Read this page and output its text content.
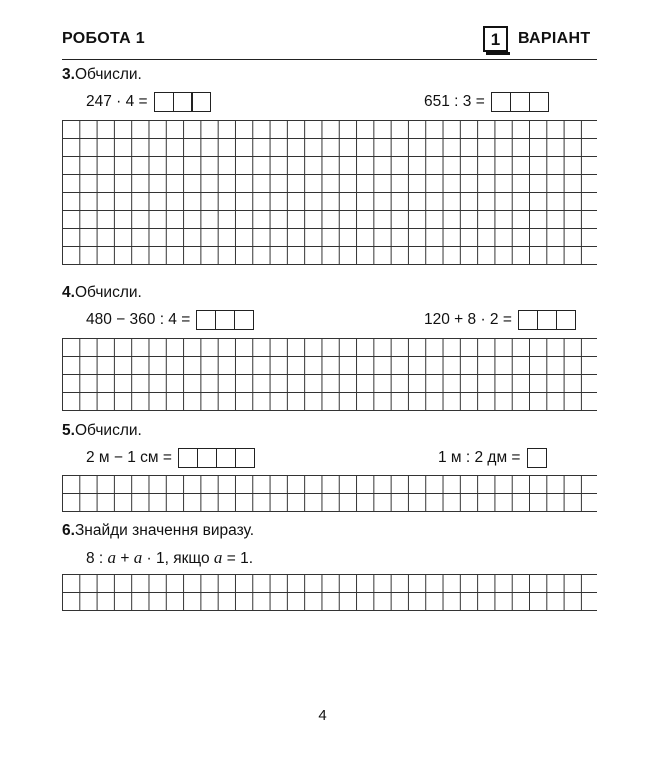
РОБОТА 1	1	ВАРІАНТ
3.Обчисли.
247 · 4 =	651 : 3 =
4.Обчисли.
480 − 360 : 4 =	120 + 8 · 2 =
5.Обчисли.
2 м − 1 см =	1 м : 2 дм =
6.Знайди значення виразу.
8 : a + a · 1, якщо a = 1.
4
